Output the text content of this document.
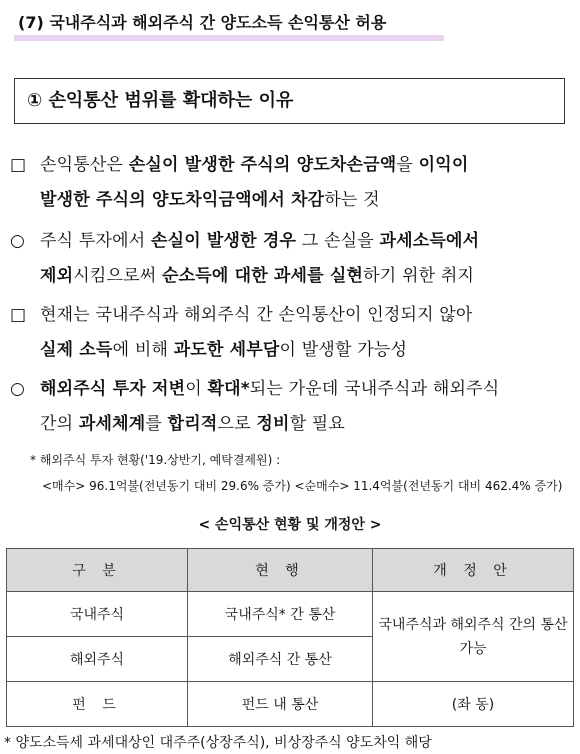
(7) 국내주식과 해외주식 간 양도소득 손익통산 허용
① 손익통산 범위를 확대하는 이유
□ 손익통산은 손실이 발생한 주식의 양도차손금액을 이익이
발생한 주식의 양도차익금액에서 차감하는 것
○ 주식 투자에서 손실이 발생한 경우 그 손실을 과세소득에서
제외시킴으로써 순소득에 대한 과세를 실현하기 위한 취지
□ 현재는 국내주식과 해외주식 간 손익통산이 인정되지 않아
실제 소득에 비해 과도한 세부담이 발생할 가능성
○ 해외주식 투자 저변이 확대*되는 가운데 국내주식과 해외주식
간의 과세체계를 합리적으로 정비할 필요
* 해외주식 투자 현황('19.상반기, 예탁결제원) :
<매수> 96.1억불(전년동기 대비 29.6% 증가) <순매수> 11.4억불(전년동기 대비 462.4% 증가)
< 손익통산 현황 및 개정안 >
구 분	현 행	개 정 안
국내주식	국내주식* 간 통산	국내주식과 해외주식 간의 통산 가능
해외주식	해외주식 간 통산	
펀 드	펀드 내 통산	(좌 동)
* 양도소득세 과세대상인 대주주(상장주식), 비상장주식 양도차익 해당
